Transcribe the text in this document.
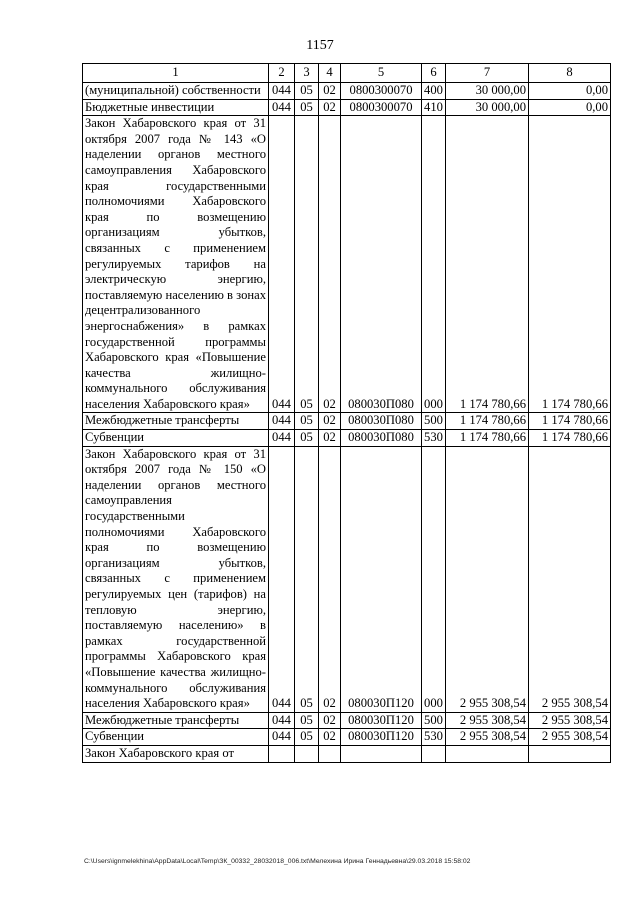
1157
1	2	3	4	5	6	7	8
(муниципальной) собственности	044	05	02	0800300070	400	30 000,00	0,00
Бюджетные инвестиции	044	05	02	0800300070	410	30 000,00	0,00
Закон Хабаровского края от 31 октября 2007 года № 143 «О наделении органов местного самоуправления Хабаровского края государственными полномочиями Хабаровского края по возмещению организациям убытков, связанных с применением регулируемых тарифов на электрическую энергию, поставляемую населению в зонах децентрализованного энергоснабжения» в рамках государственной программы Хабаровского края «Повышение качества жилищно-коммунального обслуживания населения Хабаровского края»	044	05	02	080030П080	000	1 174 780,66	1 174 780,66
Межбюджетные трансферты	044	05	02	080030П080	500	1 174 780,66	1 174 780,66
Субвенции	044	05	02	080030П080	530	1 174 780,66	1 174 780,66
Закон Хабаровского края от 31 октября 2007 года № 150 «О наделении органов местного самоуправления государственными полномочиями Хабаровского края по возмещению организациям убытков, связанных с применением регулируемых цен (тарифов) на тепловую энергию, поставляемую населению» в рамках государственной программы Хабаровского края «Повышение качества жилищно-коммунального обслуживания населения Хабаровского края»	044	05	02	080030П120	000	2 955 308,54	2 955 308,54
Межбюджетные трансферты	044	05	02	080030П120	500	2 955 308,54	2 955 308,54
Субвенции	044	05	02	080030П120	530	2 955 308,54	2 955 308,54
Закон Хабаровского края от							
C:\Users\ignmelekhina\AppData\Local\Temp\ЗК_00332_28032018_006.txt\Мелехина Ирина Геннадьевна\29.03.2018 15:58:02
